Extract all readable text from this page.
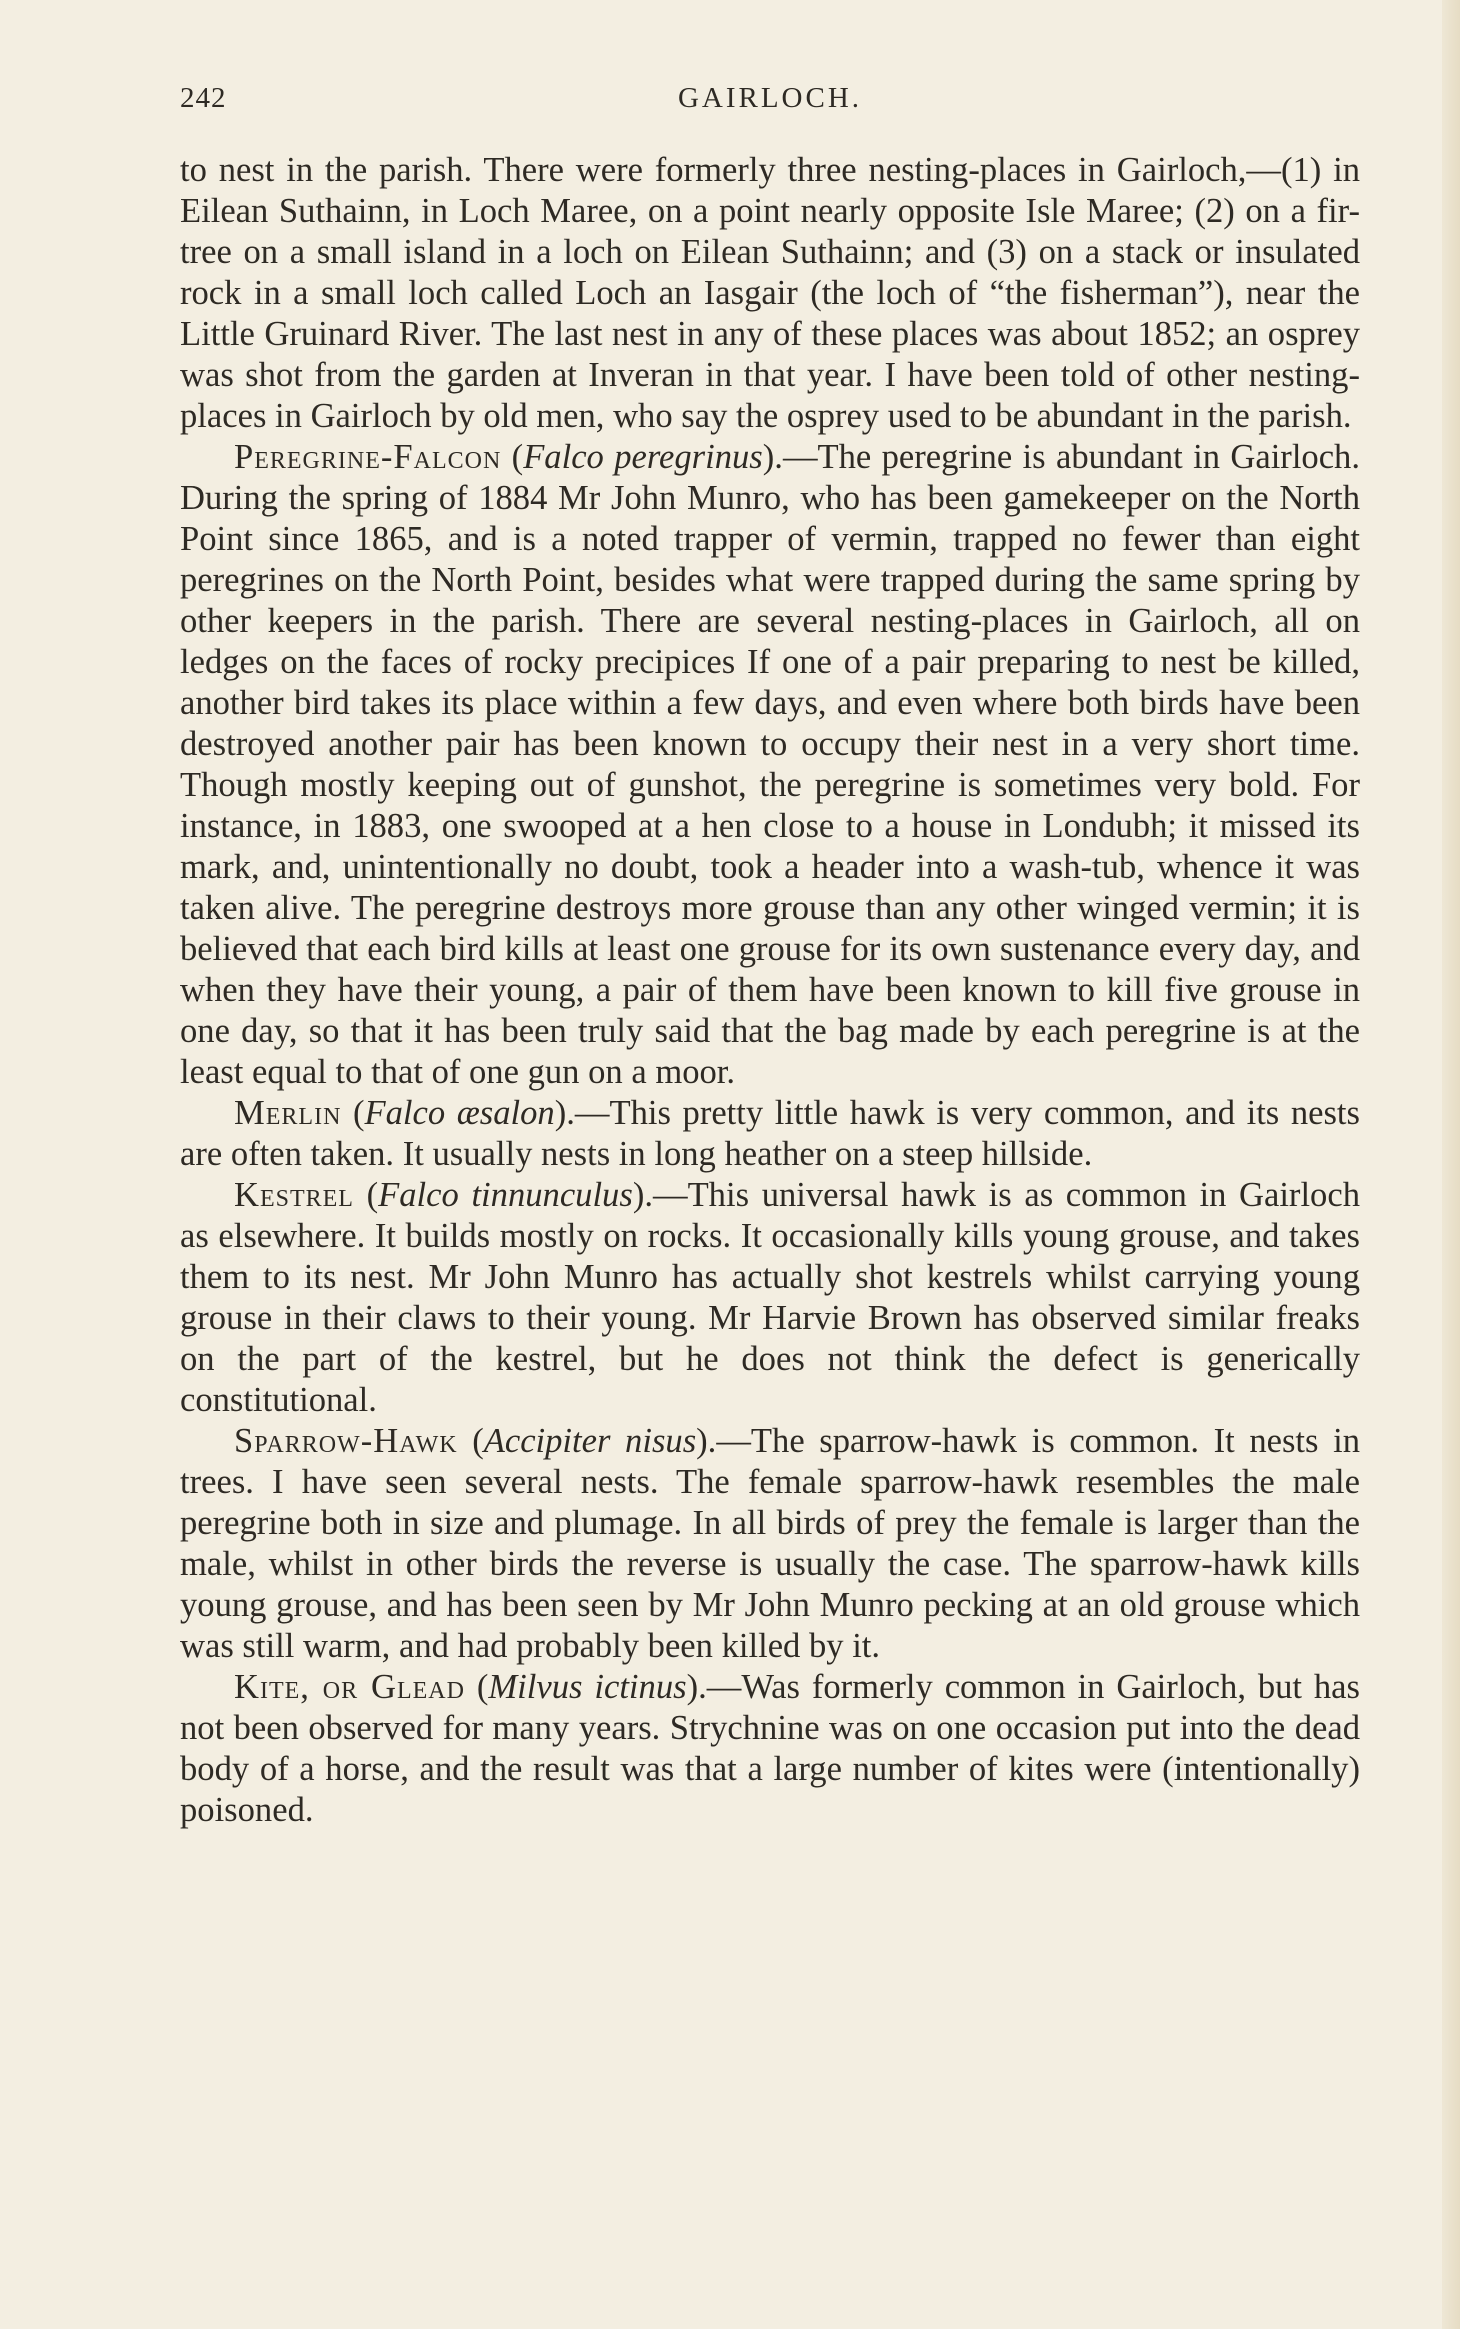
242	GAIRLOCH.

to nest in the parish. There were formerly three nesting-places in Gairloch,—(1) in Eilean Suthainn, in Loch Maree, on a point nearly opposite Isle Maree; (2) on a fir-tree on a small island in a loch on Eilean Suthainn; and (3) on a stack or insulated rock in a small loch called Loch an Iasgair (the loch of “the fisherman”), near the Little Gruinard River. The last nest in any of these places was about 1852; an osprey was shot from the garden at Inveran in that year. I have been told of other nesting-places in Gairloch by old men, who say the osprey used to be abundant in the parish.

Peregrine-Falcon (Falco peregrinus).—The peregrine is abundant in Gairloch. During the spring of 1884 Mr John Munro, who has been gamekeeper on the North Point since 1865, and is a noted trapper of vermin, trapped no fewer than eight peregrines on the North Point, besides what were trapped during the same spring by other keepers in the parish. There are several nesting-places in Gairloch, all on ledges on the faces of rocky precipices If one of a pair preparing to nest be killed, another bird takes its place within a few days, and even where both birds have been destroyed another pair has been known to occupy their nest in a very short time. Though mostly keeping out of gunshot, the peregrine is sometimes very bold. For instance, in 1883, one swooped at a hen close to a house in Londubh; it missed its mark, and, unintentionally no doubt, took a header into a wash-tub, whence it was taken alive. The peregrine destroys more grouse than any other winged vermin; it is believed that each bird kills at least one grouse for its own sustenance every day, and when they have their young, a pair of them have been known to kill five grouse in one day, so that it has been truly said that the bag made by each peregrine is at the least equal to that of one gun on a moor.

Merlin (Falco æsalon).—This pretty little hawk is very common, and its nests are often taken. It usually nests in long heather on a steep hillside.

Kestrel (Falco tinnunculus).—This universal hawk is as common in Gairloch as elsewhere. It builds mostly on rocks. It occasionally kills young grouse, and takes them to its nest. Mr John Munro has actually shot kestrels whilst carrying young grouse in their claws to their young. Mr Harvie Brown has observed similar freaks on the part of the kestrel, but he does not think the defect is generically constitutional.

Sparrow-Hawk (Accipiter nisus).—The sparrow-hawk is common. It nests in trees. I have seen several nests. The female sparrow-hawk resembles the male peregrine both in size and plumage. In all birds of prey the female is larger than the male, whilst in other birds the reverse is usually the case. The sparrow-hawk kills young grouse, and has been seen by Mr John Munro pecking at an old grouse which was still warm, and had probably been killed by it.

Kite, or Glead (Milvus ictinus).—Was formerly common in Gairloch, but has not been observed for many years. Strychnine was on one occasion put into the dead body of a horse, and the result was that a large number of kites were (intentionally) poisoned.
